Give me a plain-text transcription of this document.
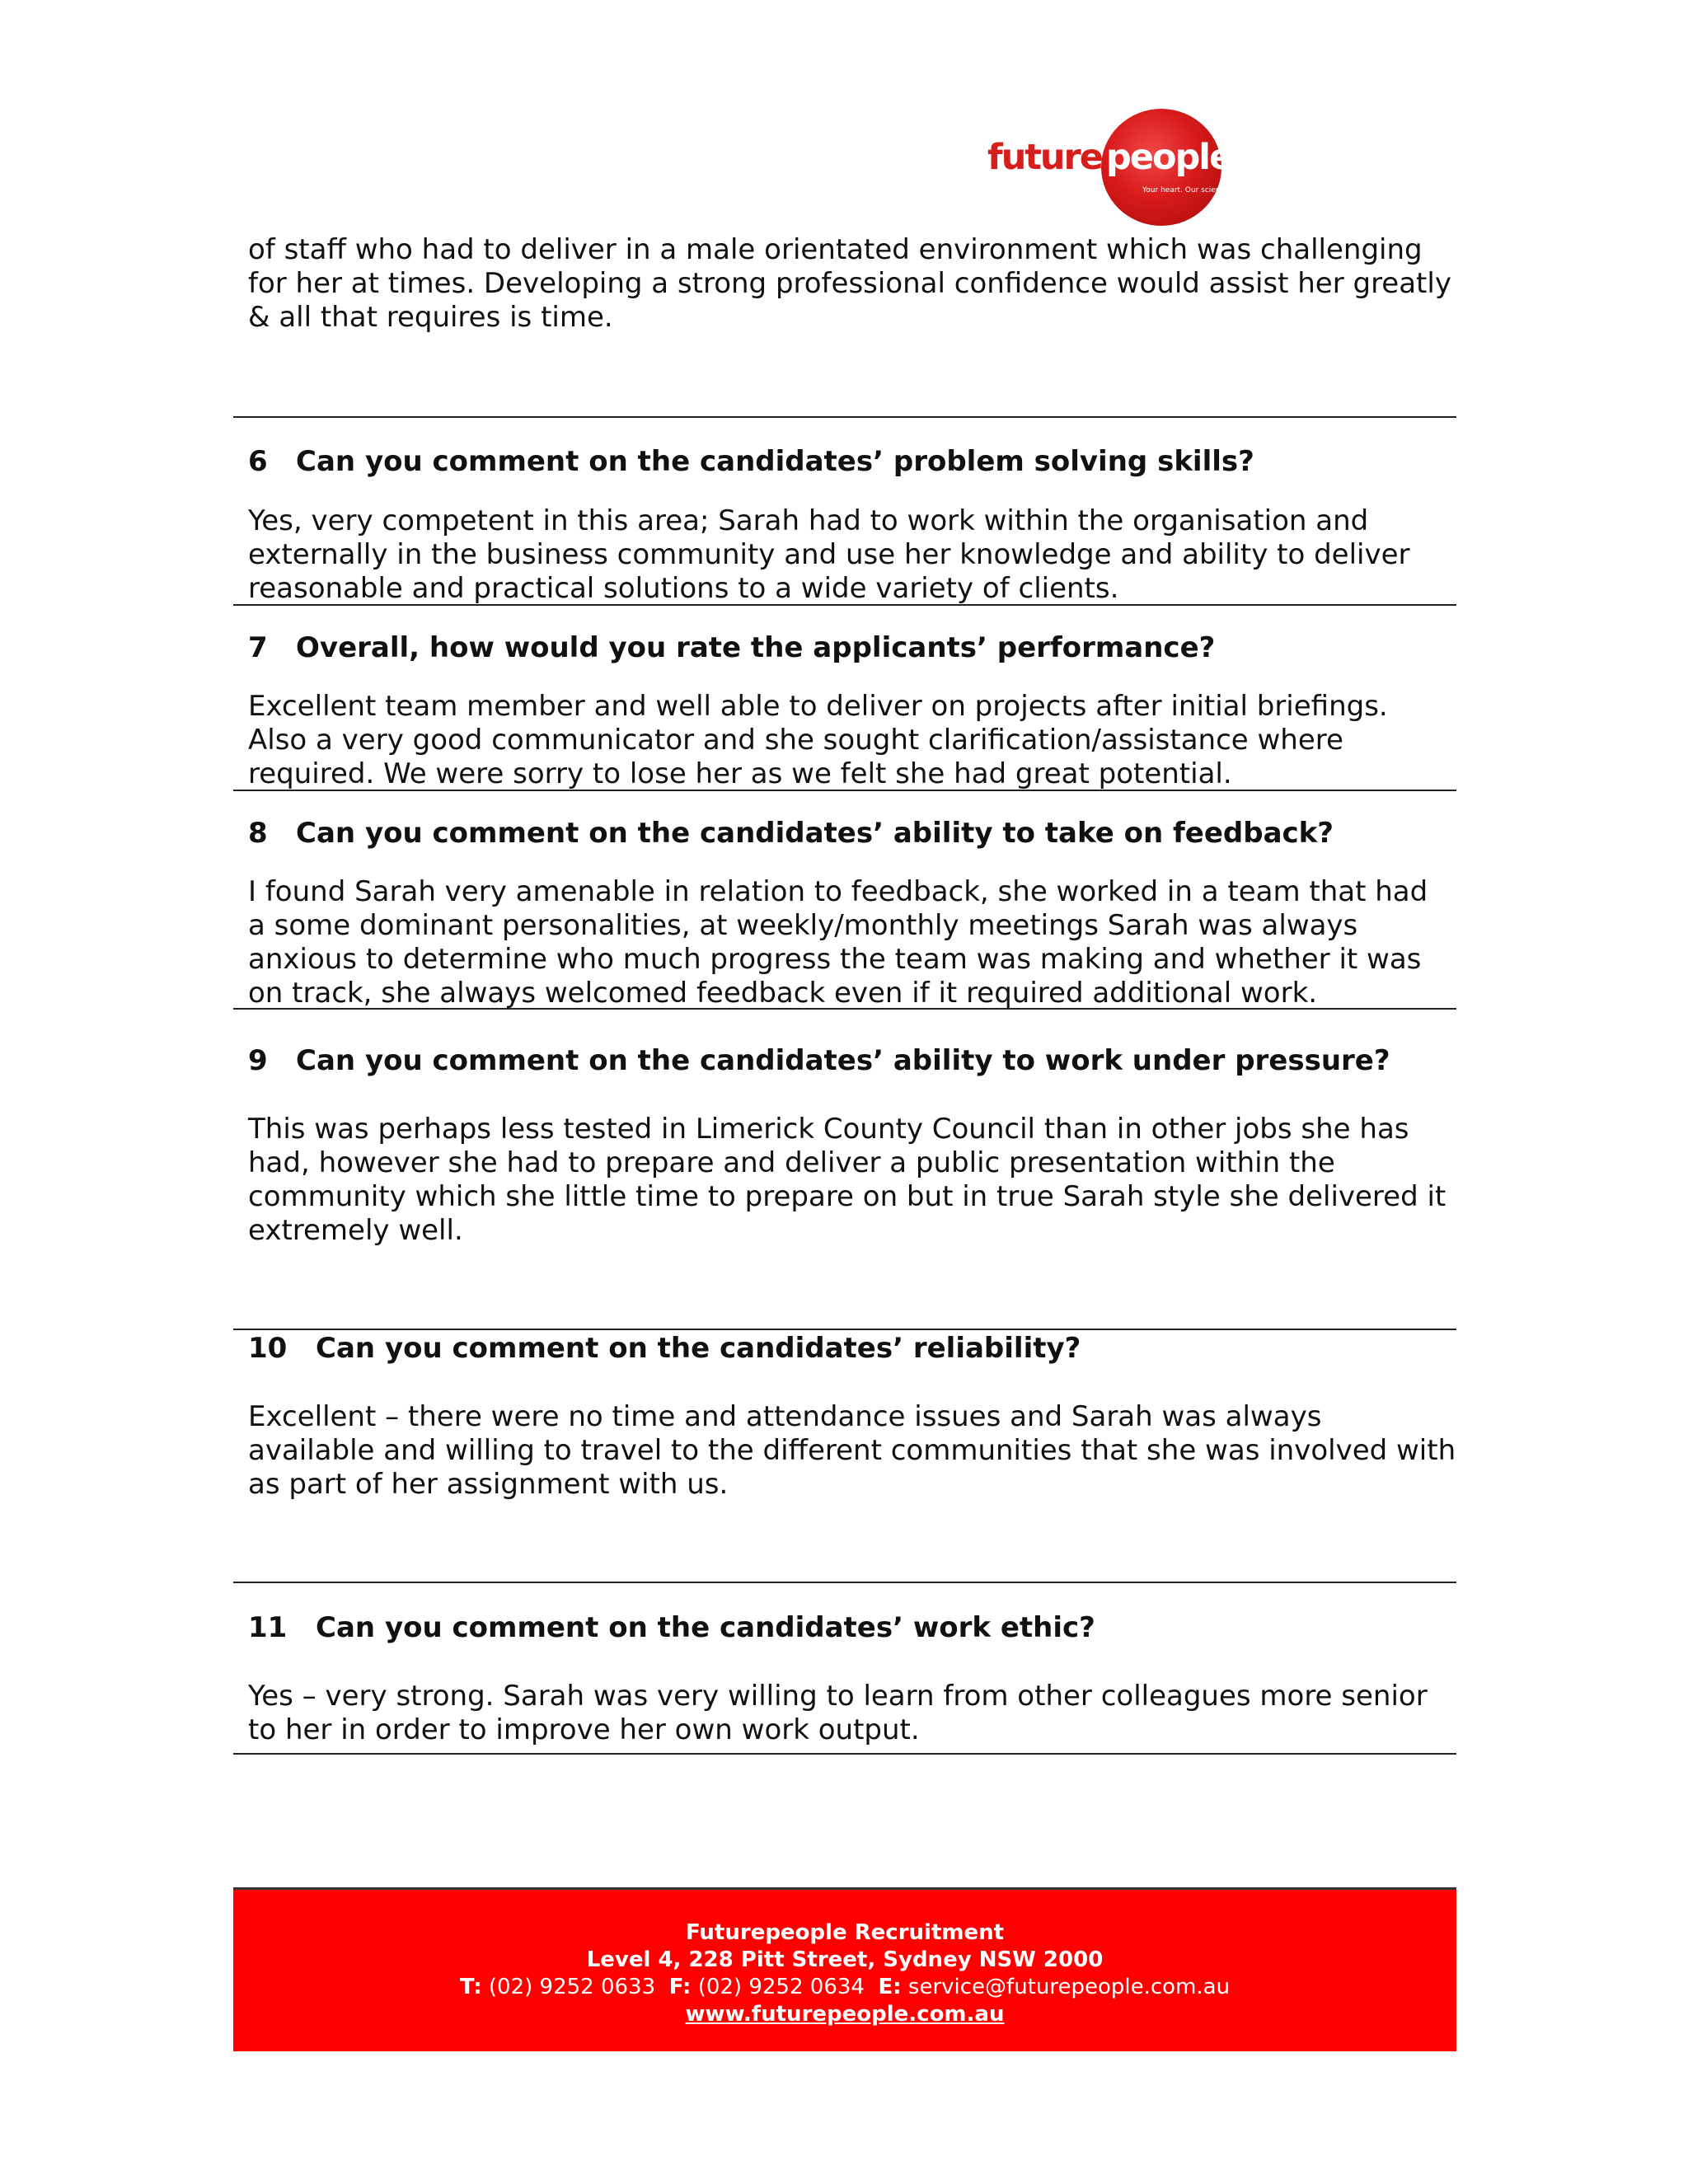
future people
Your heart. Our science.

of staff who had to deliver in a male orientated environment which was challenging
for her at times. Developing a strong professional confidence would assist her greatly
& all that requires is time.

6 Can you comment on the candidates’ problem solving skills?

Yes, very competent in this area; Sarah had to work within the organisation and
externally in the business community and use her knowledge and ability to deliver
reasonable and practical solutions to a wide variety of clients.

7 Overall, how would you rate the applicants’ performance?

Excellent team member and well able to deliver on projects after initial briefings.
Also a very good communicator and she sought clarification/assistance where
required. We were sorry to lose her as we felt she had great potential.

8 Can you comment on the candidates’ ability to take on feedback?

I found Sarah very amenable in relation to feedback, she worked in a team that had
a some dominant personalities, at weekly/monthly meetings Sarah was always
anxious to determine who much progress the team was making and whether it was
on track, she always welcomed feedback even if it required additional work.

9 Can you comment on the candidates’ ability to work under pressure?

This was perhaps less tested in Limerick County Council than in other jobs she has
had, however she had to prepare and deliver a public presentation within the
community which she little time to prepare on but in true Sarah style she delivered it
extremely well.

10 Can you comment on the candidates’ reliability?

Excellent – there were no time and attendance issues and Sarah was always
available and willing to travel to the different communities that she was involved with
as part of her assignment with us.

11 Can you comment on the candidates’ work ethic?

Yes – very strong. Sarah was very willing to learn from other colleagues more senior
to her in order to improve her own work output.

Futurepeople Recruitment
Level 4, 228 Pitt Street, Sydney NSW 2000
T: (02) 9252 0633 F: (02) 9252 0634 E: service@futurepeople.com.au
www.futurepeople.com.au
